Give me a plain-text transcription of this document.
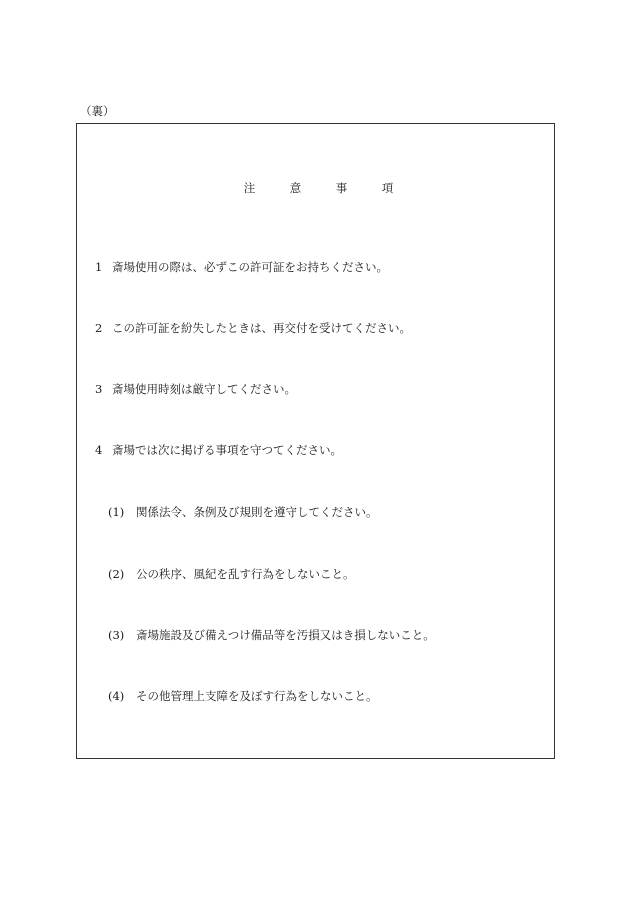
（裏）
注	意	事	項
1 斎場使用の際は、必ずこの許可証をお持ちください。
2 この許可証を紛失したときは、再交付を受けてください。
3 斎場使用時刻は厳守してください。
4 斎場では次に掲げる事項を守つてください。
(1) 関係法令、条例及び規則を遵守してください。
(2) 公の秩序、風紀を乱す行為をしないこと。
(3) 斎場施設及び備えつけ備品等を汚損又はき損しないこと。
(4) その他管理上支障を及ぼす行為をしないこと。
